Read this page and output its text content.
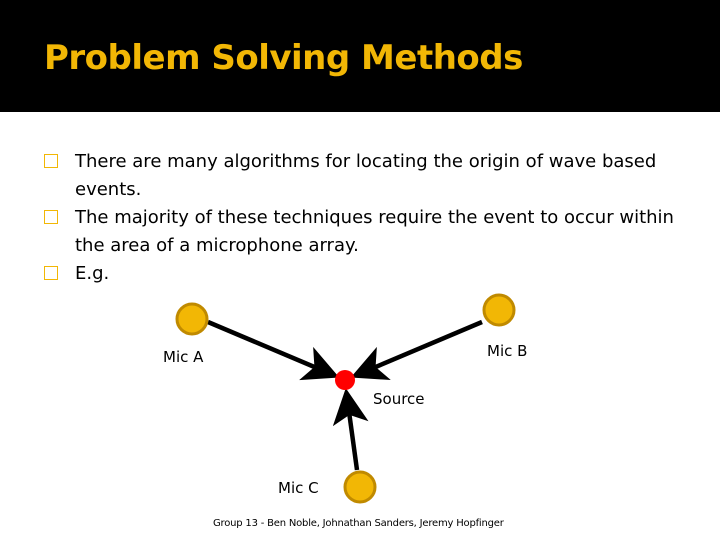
Problem Solving Methods
There are many algorithms for locating the origin of wave based events.
The majority of these techniques require the event to occur within the area of a microphone array.
E.g.
Mic A	Mic B
Source
Mic C
Group 13 - Ben Noble, Johnathan Sanders, Jeremy Hopfinger
